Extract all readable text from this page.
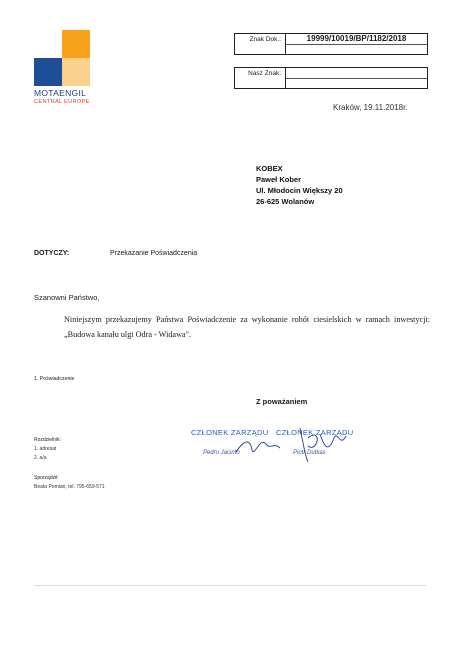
MOTAENGIL
CENTRAL EUROPE
Znak Dok.:	19999/10019/BP/1182/2018
Nasz Znak:
Kraków, 19.11.2018r.
KOBEX
Paweł Kober
Ul. Młodocin Większy 20
26-625 Wolanów
DOTYCZY:	Przekazanie Poświadczenia
Szanowni Państwo,
Niniejszym przekazujemy Państwa Poświadczenie za wykonanie robót ciesielskich w ramach inwestycji: „Budowa kanału ulgi Odra - Widawa".
1. Poświadczenie
Z poważaniem
CZŁONEK ZARZĄDU
Pedro Jacinto
CZŁONEK ZARZĄDU
Piotr Dutkas
Rozdzielnik:
1. adresat
2. a/a
Sporządził:
Beata Pomian, tel. 795-659-571
